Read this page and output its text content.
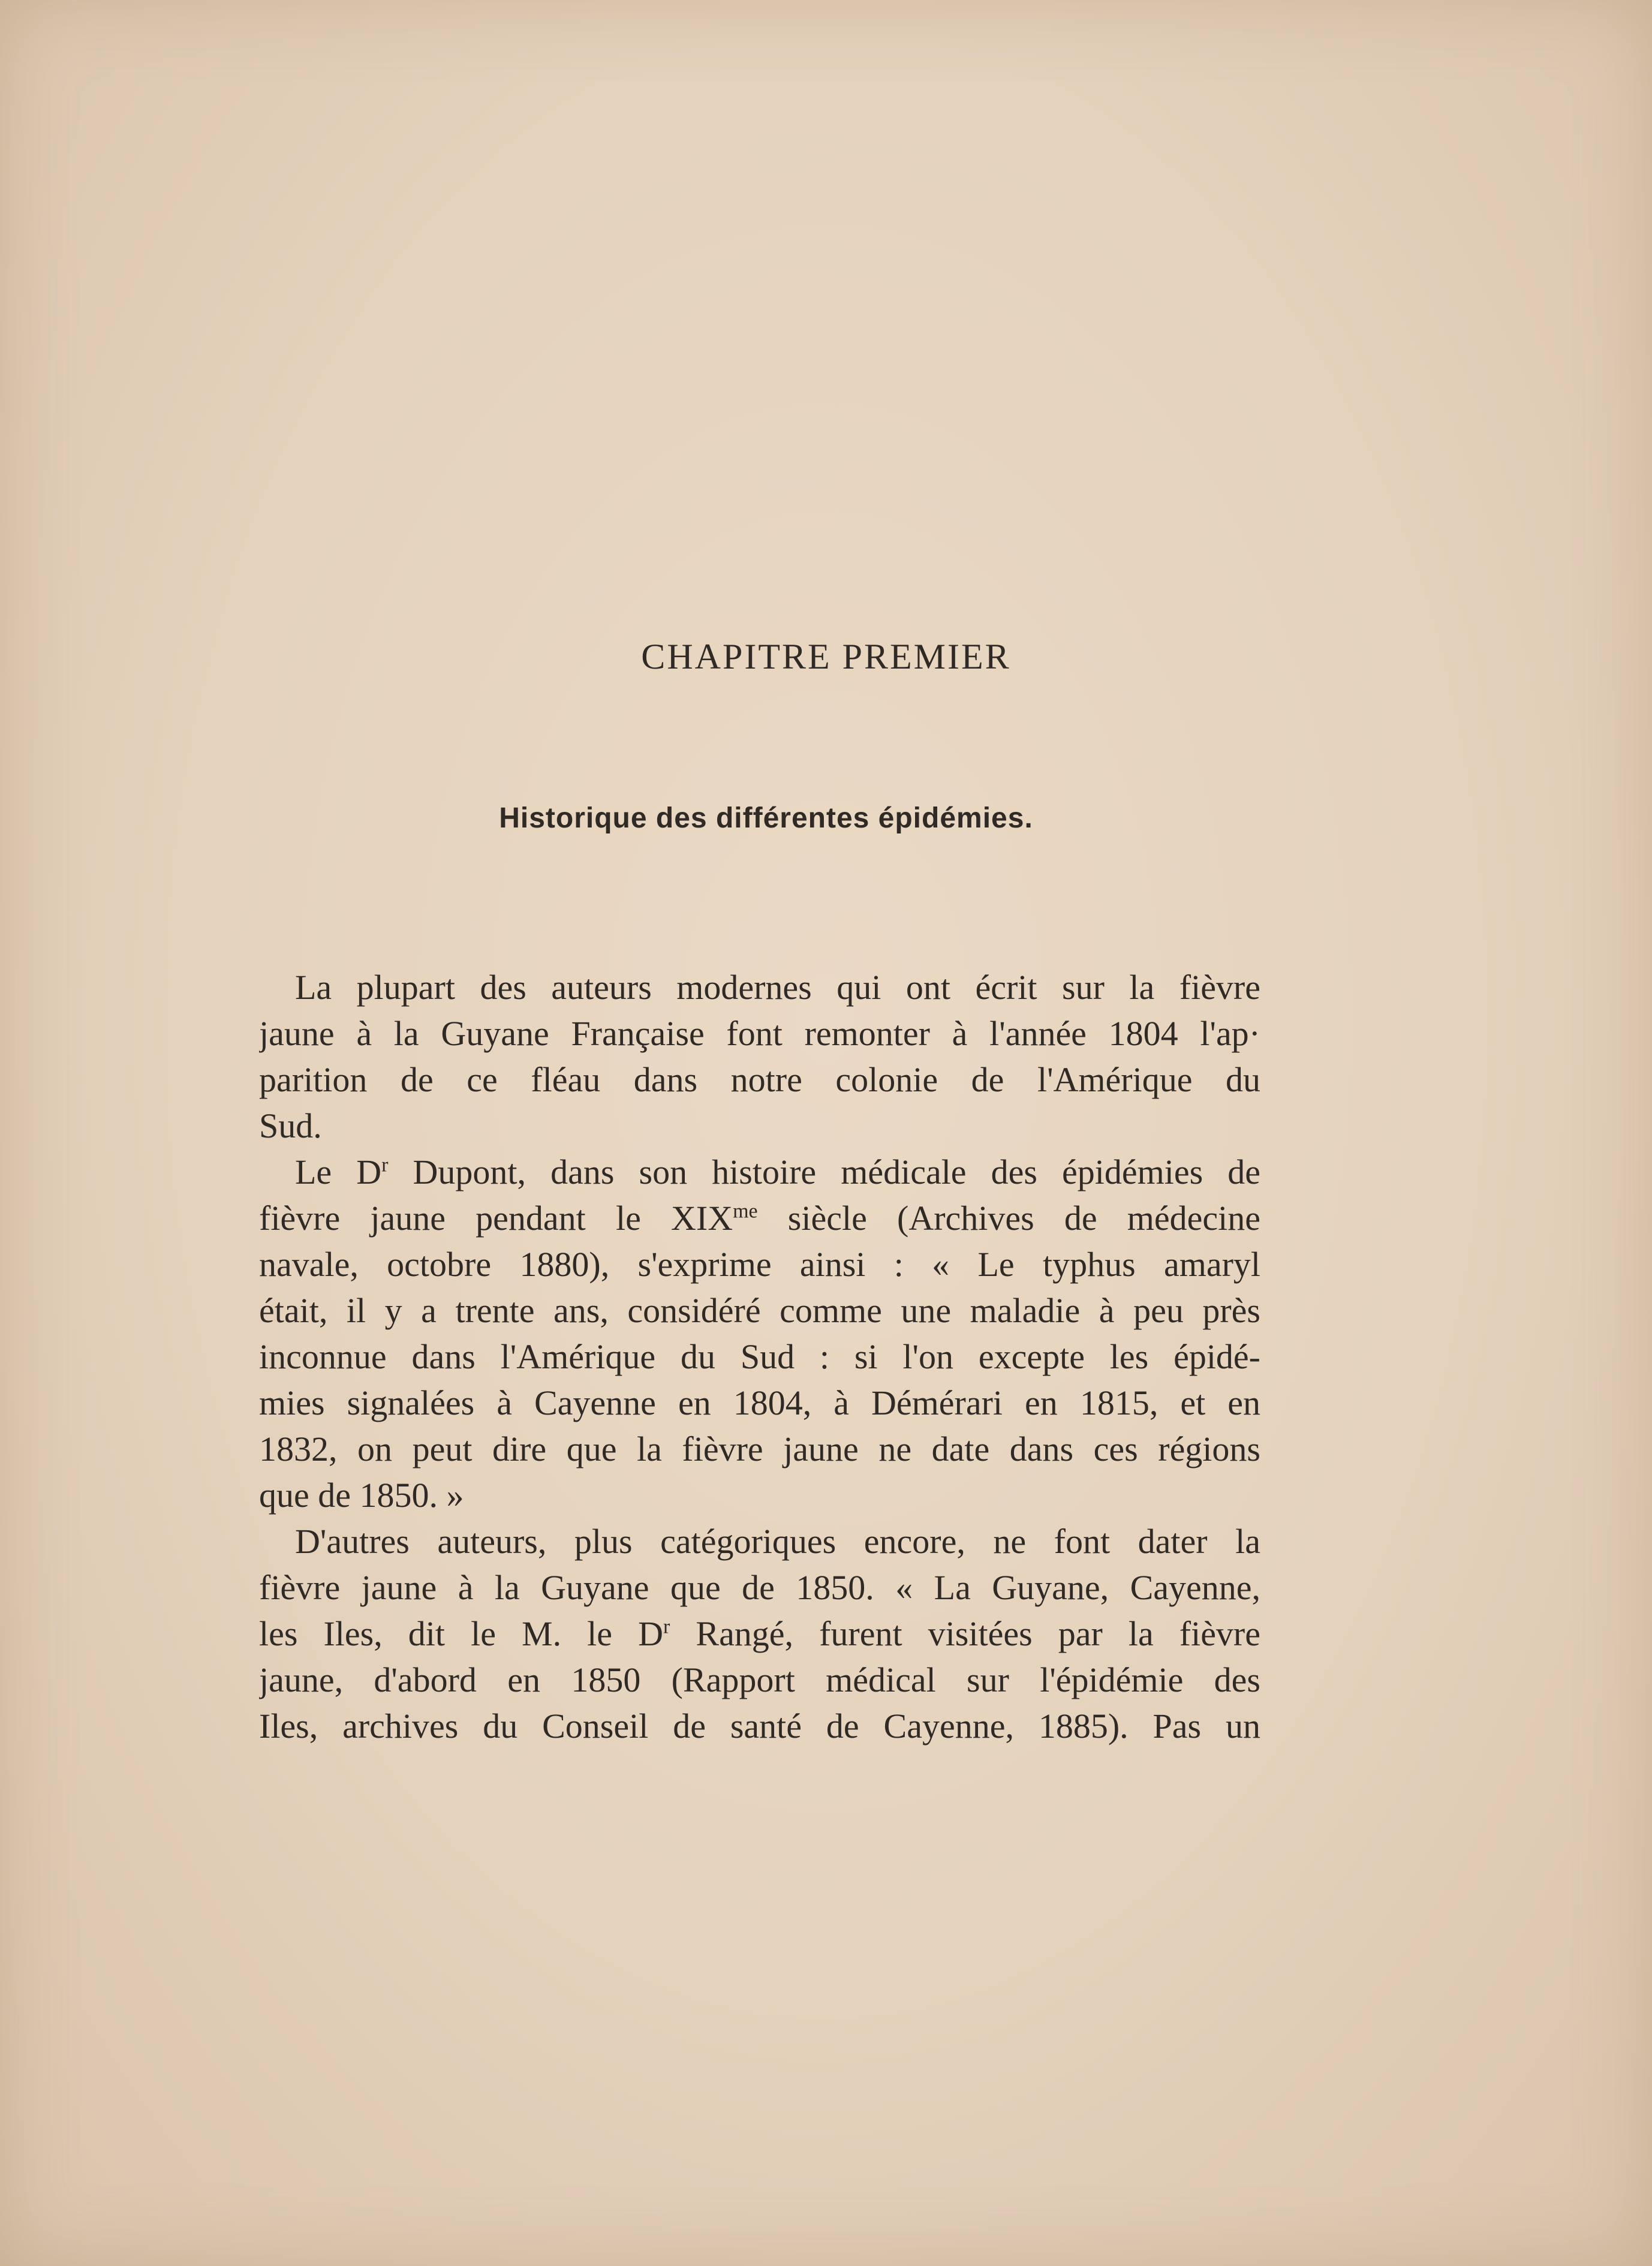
CHAPITRE PREMIER
Historique des différentes épidémies.
La plupart des auteurs modernes qui ont écrit sur la fièvre
jaune à la Guyane Française font remonter à l'année 1804 l'ap·
parition de ce fléau dans notre colonie de l'Amérique du
Sud.
Le $D^r$ Dupont, dans son histoire médicale des épidémies de
fièvre jaune pendant le $XIX^{me}$ siècle (Archives de médecine
navale, octobre 1880), s'exprime ainsi : « Le typhus amaryl
était, il y a trente ans, considéré comme une maladie à peu près
inconnue dans l'Amérique du Sud : si l'on excepte les épidé-
mies signalées à Cayenne en 1804, à Démérari en 1815, et en
1832, on peut dire que la fièvre jaune ne date dans ces régions
que de 1850. »
D'autres auteurs, plus catégoriques encore, ne font dater la
fièvre jaune à la Guyane que de 1850. « La Guyane, Cayenne,
les Iles, dit le M. le $D^r$ Rangé, furent visitées par la fièvre
jaune, d'abord en 1850 (Rapport médical sur l'épidémie des
Iles, archives du Conseil de santé de Cayenne, 1885). Pas un
